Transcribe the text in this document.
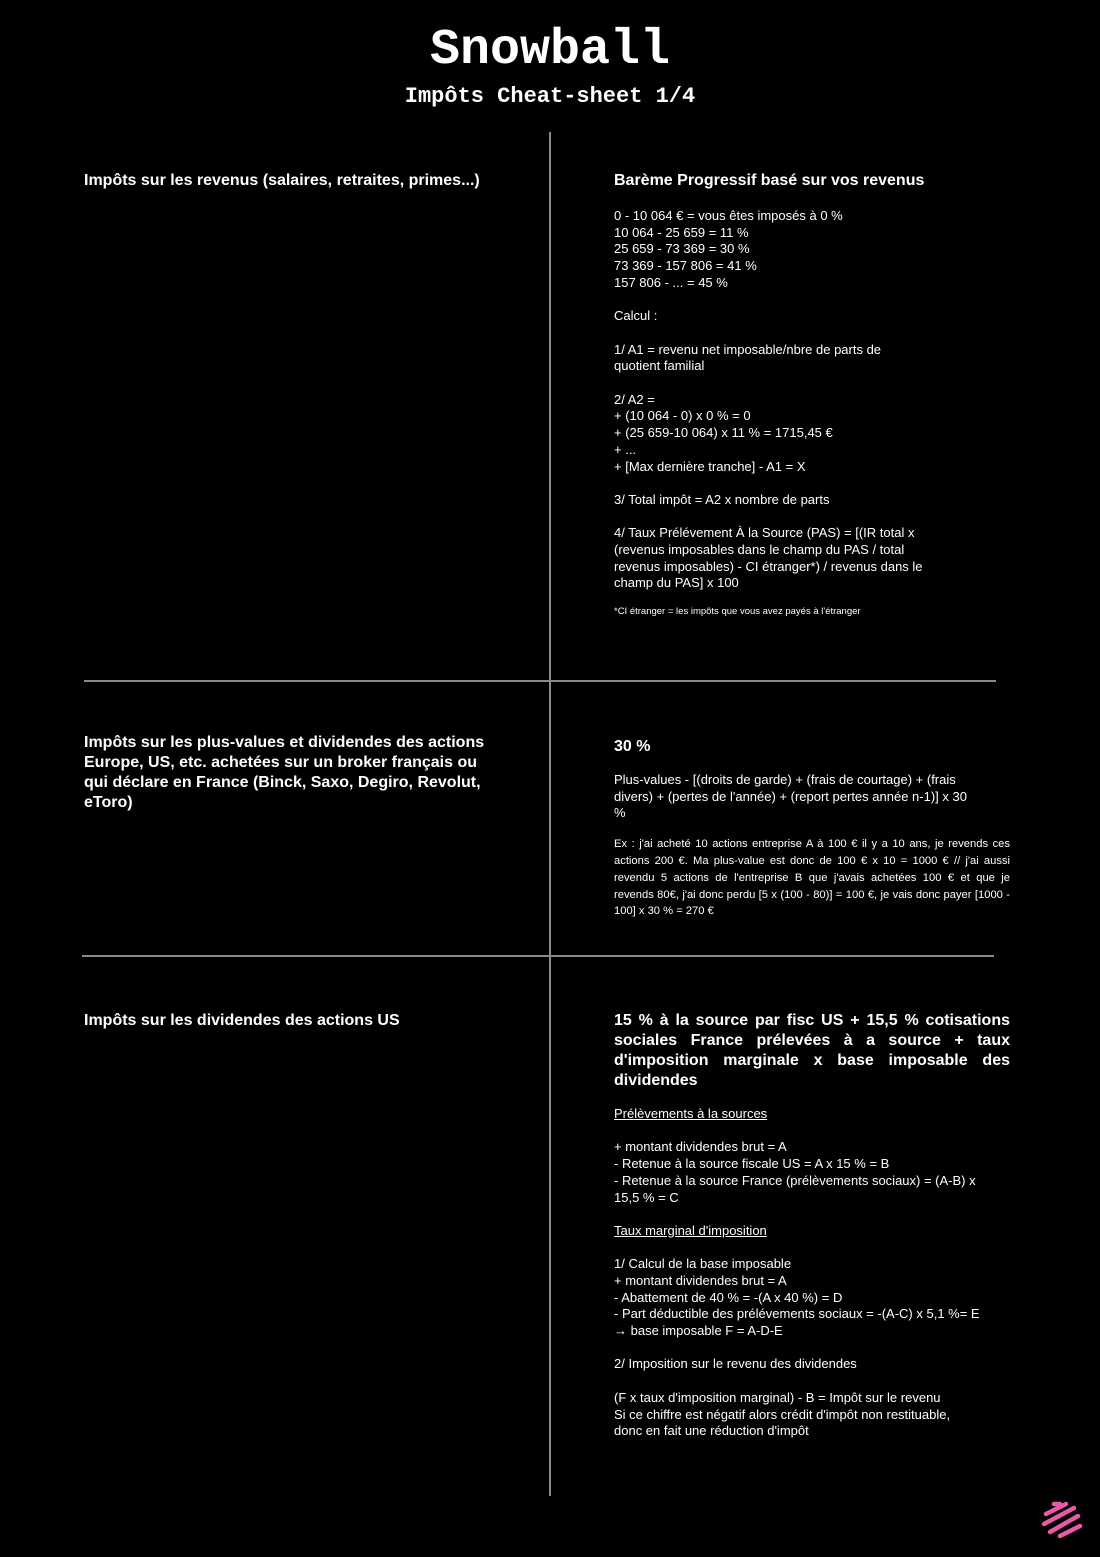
Snowball
Impôts Cheat-sheet 1/4

Impôts sur les revenus (salaires, retraites, primes...)	Barème Progressif basé sur vos revenus

0 - 10 064 € = vous êtes imposés à 0 %
10 064 - 25 659 = 11 %
25 659 - 73 369 = 30 %
73 369 - 157 806 = 41 %
157 806 - ... = 45 %

Calcul :

1/ A1 = revenu net imposable/nbre de parts de
quotient familial

2/ A2 =
+ (10 064 - 0) x 0 % = 0
+ (25 659-10 064) x 11 % = 1715,45 €
+ ...
+ [Max dernière tranche] - A1 = X

3/ Total impôt = A2 x nombre de parts

4/ Taux Prélévement À la Source (PAS) = [(IR total x
(revenus imposables dans le champ du PAS / total
revenus imposables) - CI étranger*) / revenus dans le
champ du PAS] x 100

*CI étranger = les impôts que vous avez payés à l'étranger

Impôts sur les plus-values et dividendes des actions Europe, US, etc. achetées sur un broker français ou qui déclare en France (Binck, Saxo, Degiro, Revolut, eToro)

30 %

Plus-values - [(droits de garde) + (frais de courtage) + (frais
divers) + (pertes de l'année) + (report pertes année n-1)] x 30
%

Ex : j'ai acheté 10 actions entreprise A à 100 € il y a 10 ans, je revends ces actions 200 €. Ma plus-value est donc de 100 € x 10 = 1000 € // j'ai aussi revendu 5 actions de l'entreprise B que j'avais achetées 100 € et que je revends 80€, j'ai donc perdu [5 x (100 - 80)] = 100 €, je vais donc payer [1000 - 100] x 30 % = 270 €

Impôts sur les dividendes des actions US	15 % à la source par fisc US + 15,5 % cotisations sociales France prélevées à a source + taux d'imposition marginale x base imposable des dividendes

Prélèvements à la sources

+ montant dividendes brut = A
- Retenue à la source fiscale US = A x 15 % = B
- Retenue à la source France (prélèvements sociaux) = (A-B) x
15,5 % = C

Taux marginal d'imposition

1/ Calcul de la base imposable
+ montant dividendes brut = A
- Abattement de 40 % = -(A x 40 %) = D
- Part déductible des prélévements sociaux = -(A-C) x 5,1 %= E
→ base imposable F = A-D-E

2/ Imposition sur le revenu des dividendes

(F x taux d'imposition marginal) - B = Impôt sur le revenu
Si ce chiffre est négatif alors crédit d'impôt non restituable,
donc en fait une réduction d'impôt
